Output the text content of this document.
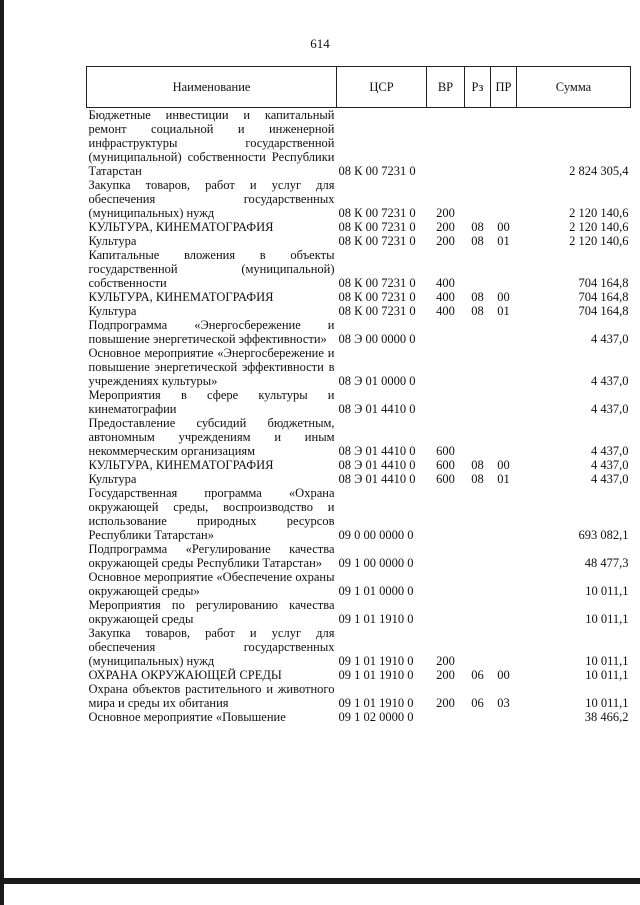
614
Наименование	ЦСР	ВР	Рз	ПР	Сумма
Бюджетные инвестиции и капитальный ремонт социальной и инженерной инфраструктуры государственной (муниципальной) собственности Республики Татарстан	08 К 00 7231 0				2 824 305,4
Закупка товаров, работ и услуг для обеспечения государственных (муниципальных) нужд	08 К 00 7231 0	200			2 120 140,6
КУЛЬТУРА, КИНЕМАТОГРАФИЯ	08 К 00 7231 0	200	08	00	2 120 140,6
Культура	08 К 00 7231 0	200	08	01	2 120 140,6
Капитальные вложения в объекты государственной (муниципальной) собственности	08 К 00 7231 0	400			704 164,8
КУЛЬТУРА, КИНЕМАТОГРАФИЯ	08 К 00 7231 0	400	08	00	704 164,8
Культура	08 К 00 7231 0	400	08	01	704 164,8
Подпрограмма «Энергосбережение и повышение энергетической эффективности»	08 Э 00 0000 0				4 437,0
Основное мероприятие «Энергосбережение и повышение энергетической эффективности в учреждениях культуры»	08 Э 01 0000 0				4 437,0
Мероприятия в сфере культуры и кинематографии	08 Э 01 4410 0				4 437,0
Предоставление субсидий бюджетным, автономным учреждениям и иным некоммерческим организациям	08 Э 01 4410 0	600			4 437,0
КУЛЬТУРА, КИНЕМАТОГРАФИЯ	08 Э 01 4410 0	600	08	00	4 437,0
Культура	08 Э 01 4410 0	600	08	01	4 437,0
Государственная программа «Охрана окружающей среды, воспроизводство и использование природных ресурсов Республики Татарстан»	09 0 00 0000 0				693 082,1
Подпрограмма «Регулирование качества окружающей среды Республики Татарстан»	09 1 00 0000 0				48 477,3
Основное мероприятие «Обеспечение охраны окружающей среды»	09 1 01 0000 0				10 011,1
Мероприятия по регулированию качества окружающей среды	09 1 01 1910 0				10 011,1
Закупка товаров, работ и услуг для обеспечения государственных (муниципальных) нужд	09 1 01 1910 0	200			10 011,1
ОХРАНА ОКРУЖАЮЩЕЙ СРЕДЫ	09 1 01 1910 0	200	06	00	10 011,1
Охрана объектов растительного и животного мира и среды их обитания	09 1 01 1910 0	200	06	03	10 011,1
Основное мероприятие «Повышение	09 1 02 0000 0				38 466,2
